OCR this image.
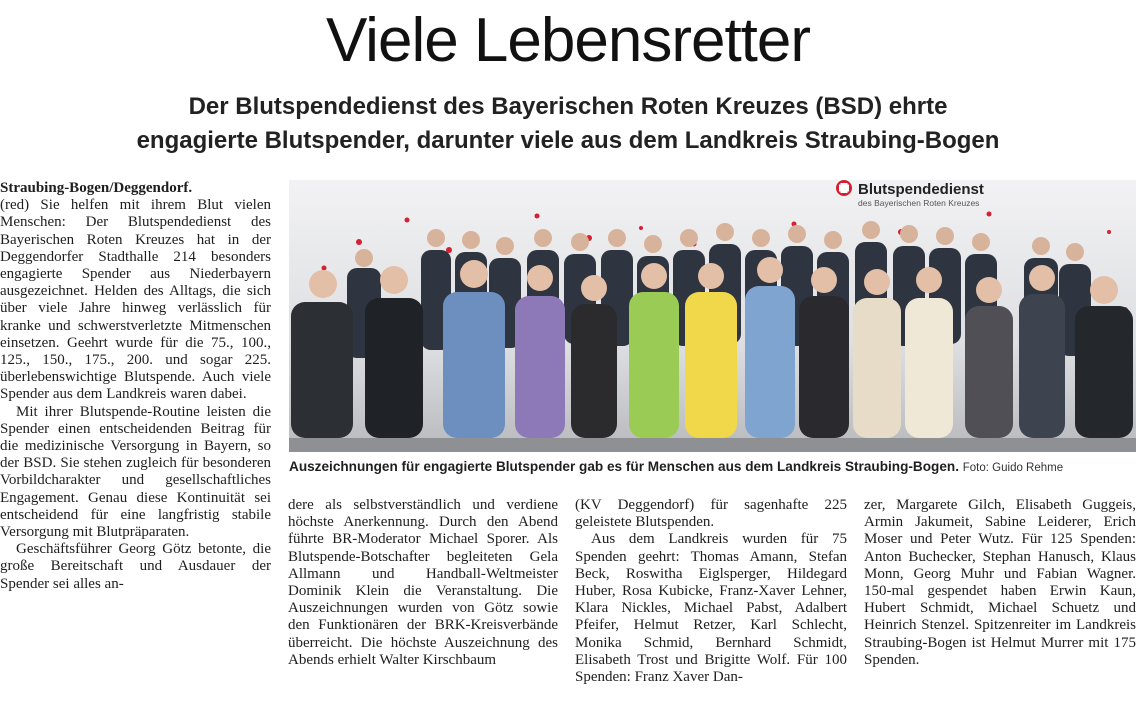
Viele Lebensretter
Der Blutspendedienst des Bayerischen Roten Kreuzes (BSD) ehrte
engagierte Blutspender, darunter viele aus dem Landkreis Straubing-Bogen

Straubing-Bogen/Deggendorf.

(red) Sie helfen mit ihrem Blut vielen Menschen: Der Blutspendedienst des Bayerischen Roten Kreuzes hat in der Deggendorfer Stadthalle 214 besonders engagierte Spender aus Niederbayern ausgezeichnet. Helden des Alltags, die sich über viele Jahre hinweg verlässlich für kranke und schwerstverletzte Mitmenschen einsetzen. Geehrt wurde für die 75., 100., 125., 150., 175., 200. und sogar 225. überlebenswichtige Blutspende. Auch viele Spender aus dem Landkreis waren dabei.

Mit ihrer Blutspende-Routine leisten die Spender einen entscheidenden Beitrag für die medizinische Versorgung in Bayern, so der BSD. Sie stehen zugleich für besonderen Vorbildcharakter und gesellschaftliches Engagement. Genau diese Kontinuität sei entscheidend für eine langfristig stabile Versorgung mit Blutpräparaten.

Geschäftsführer Georg Götz betonte, die große Bereitschaft und Ausdauer der Spender sei alles an-

Blutspendedienst
des Bayerischen Roten Kreuzes
Auszeichnungen für engagierte Blutspender gab es für Menschen aus dem Landkreis Straubing-Bogen. Foto: Guido Rehme

dere als selbstverständlich und verdiene höchste Anerkennung. Durch den Abend führte BR-Moderator Michael Sporer. Als Blutspende-Botschafter begleiteten Gela Allmann und Handball-Weltmeister Dominik Klein die Veranstaltung. Die Auszeichnungen wurden von Götz sowie den Funktionären der BRK-Kreisverbände überreicht. Die höchste Auszeichnung des Abends erhielt Walter Kirschbaum

(KV Deggendorf) für sagenhafte 225 geleistete Blutspenden.

Aus dem Landkreis wurden für 75 Spenden geehrt: Thomas Amann, Stefan Beck, Roswitha Eiglsperger, Hildegard Huber, Rosa Kubicke, Franz-Xaver Lehner, Klara Nickles, Michael Pabst, Adalbert Pfeifer, Helmut Retzer, Karl Schlecht, Monika Schmid, Bernhard Schmidt, Elisabeth Trost und Brigitte Wolf. Für 100 Spenden: Franz Xaver Dan-

zer, Margarete Gilch, Elisabeth Guggeis, Armin Jakumeit, Sabine Leiderer, Erich Moser und Peter Wutz. Für 125 Spenden: Anton Buchecker, Stephan Hanusch, Klaus Monn, Georg Muhr und Fabian Wagner. 150-mal gespendet haben Erwin Kaun, Hubert Schmidt, Michael Schuetz und Heinrich Stenzel. Spitzenreiter im Landkreis Straubing-Bogen ist Helmut Murrer mit 175 Spenden.
